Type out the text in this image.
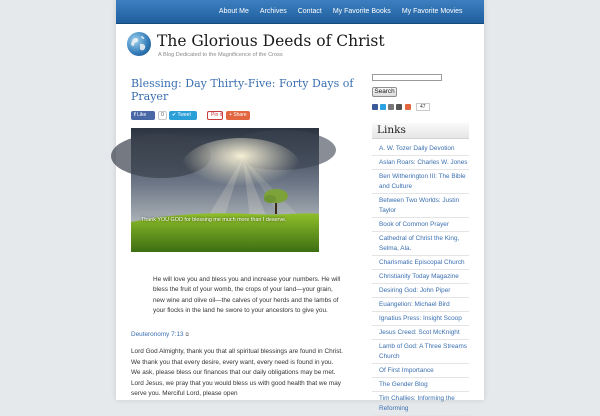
About Me	Archives	Contact	My Favorite Books	My Favorite Movies
The Glorious Deeds of Christ
A Blog Dedicated to the Magnificence of the Cross
Blessing: Day Thirty-Five: Forty Days of Prayer
f Like	0	✔ Tweet	Pin it	+ Share
Thank YOU GOD for blessing me much more than I deserve.
He will love you and bless you and increase your numbers. He will bless the fruit of your womb, the crops of your land—your grain, new wine and olive oil—the calves of your herds and the lambs of your flocks in the land he swore to your ancestors to give you.
Deuteronomy 7:13 ⧉
Lord God Almighty, thank you that all spiritual blessings are found in Christ. We thank you that every desire, every want, every need is found in you. We ask, please bless our finances that our daily obligations may be met. Lord Jesus, we pray that you would bless us with good health that we may serve you. Merciful Lord, please open
Search
47
Links
A. W. Tozer Daily Devotion
Aslan Roars: Charles W. Jones
Ben Witherington III: The Bible and Culture
Between Two Worlds: Justin Taylor
Book of Common Prayer
Cathedral of Christ the King, Selma, Ala.
Charismatic Episcopal Church
Christianity Today Magazine
Desiring God: John Piper
Euangelion: Michael Bird
Ignatius Press: Insight Scoop
Jesus Creed: Scot McKnight
Lamb of God: A Three Streams Church
Of First Importance
The Gender Blog
Tim Challies: Informing the Reforming
